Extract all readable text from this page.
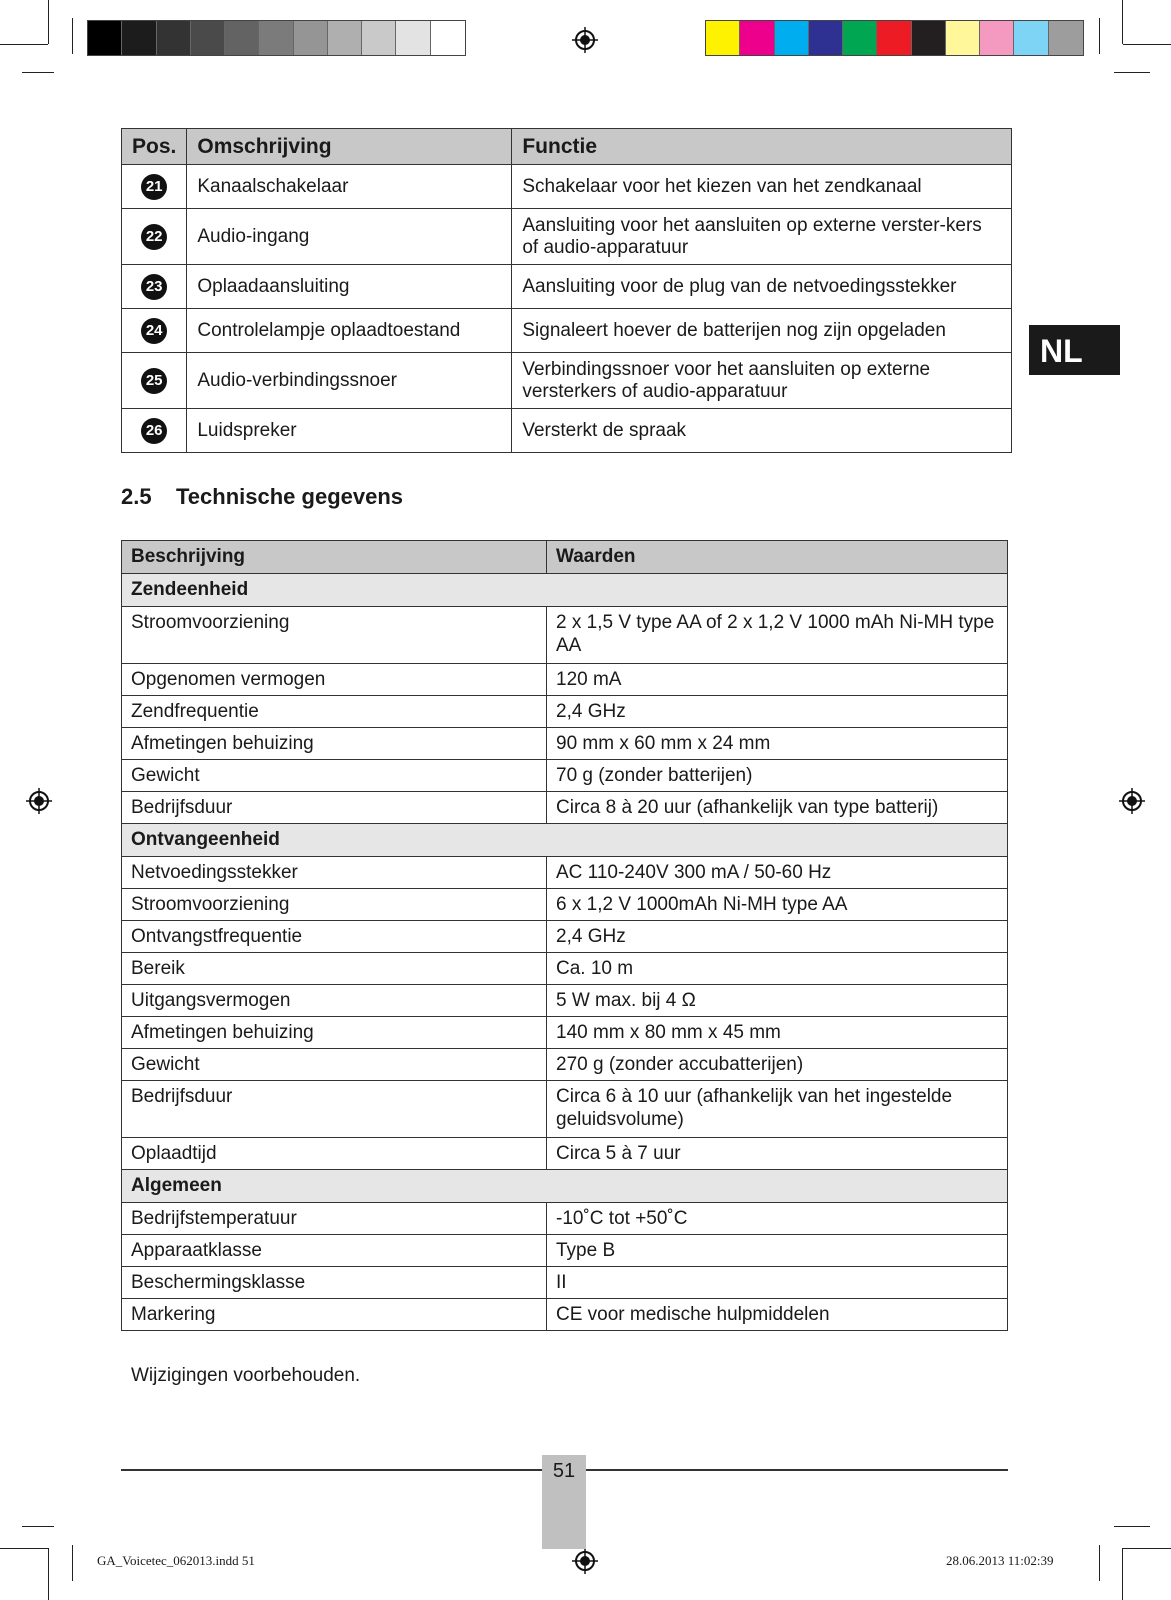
Pos.	Omschrijving	Functie
21	Kanaalschakelaar	Schakelaar voor het kiezen van het zendkanaal
22	Audio-ingang	Aansluiting voor het aansluiten op externe verster-kers of audio-apparatuur
23	Oplaadaansluiting	Aansluiting voor de plug van de netvoedingsstekker
24	Controlelampje oplaadtoestand	Signaleert hoever de batterijen nog zijn opgeladen
25	Audio-verbindingssnoer	Verbindingssnoer voor het aansluiten op externe versterkers of audio-apparatuur
26	Luidspreker	Versterkt de spraak
NL
2.5 Technische gegevens
Beschrijving	Waarden
Zendeenheid	
Stroomvoorziening	2 x 1,5 V type AA of 2 x 1,2 V 1000 mAh Ni-MH type AA
Opgenomen vermogen	120 mA
Zendfrequentie	2,4 GHz
Afmetingen behuizing	90 mm x 60 mm x 24 mm
Gewicht	70 g (zonder batterijen)
Bedrijfsduur	Circa 8 à 20 uur (afhankelijk van type batterij)
Ontvangeenheid	
Netvoedingsstekker	AC 110-240V 300 mA / 50-60 Hz
Stroomvoorziening	6 x 1,2 V 1000mAh Ni-MH type AA
Ontvangstfrequentie	2,4 GHz
Bereik	Ca. 10 m
Uitgangsvermogen	5 W max. bij 4 Ω
Afmetingen behuizing	140 mm x 80 mm x 45 mm
Gewicht	270 g (zonder accubatterijen)
Bedrijfsduur	Circa 6 à 10 uur (afhankelijk van het ingestelde geluidsvolume)
Oplaadtijd	Circa 5 à 7 uur
Algemeen	
Bedrijfstemperatuur	-10˚C tot +50˚C
Apparaatklasse	Type B
Beschermingsklasse	II
Markering	CE voor medische hulpmiddelen
Wijzigingen voorbehouden.
51
GA_Voicetec_062013.indd 51	28.06.2013 11:02:39
